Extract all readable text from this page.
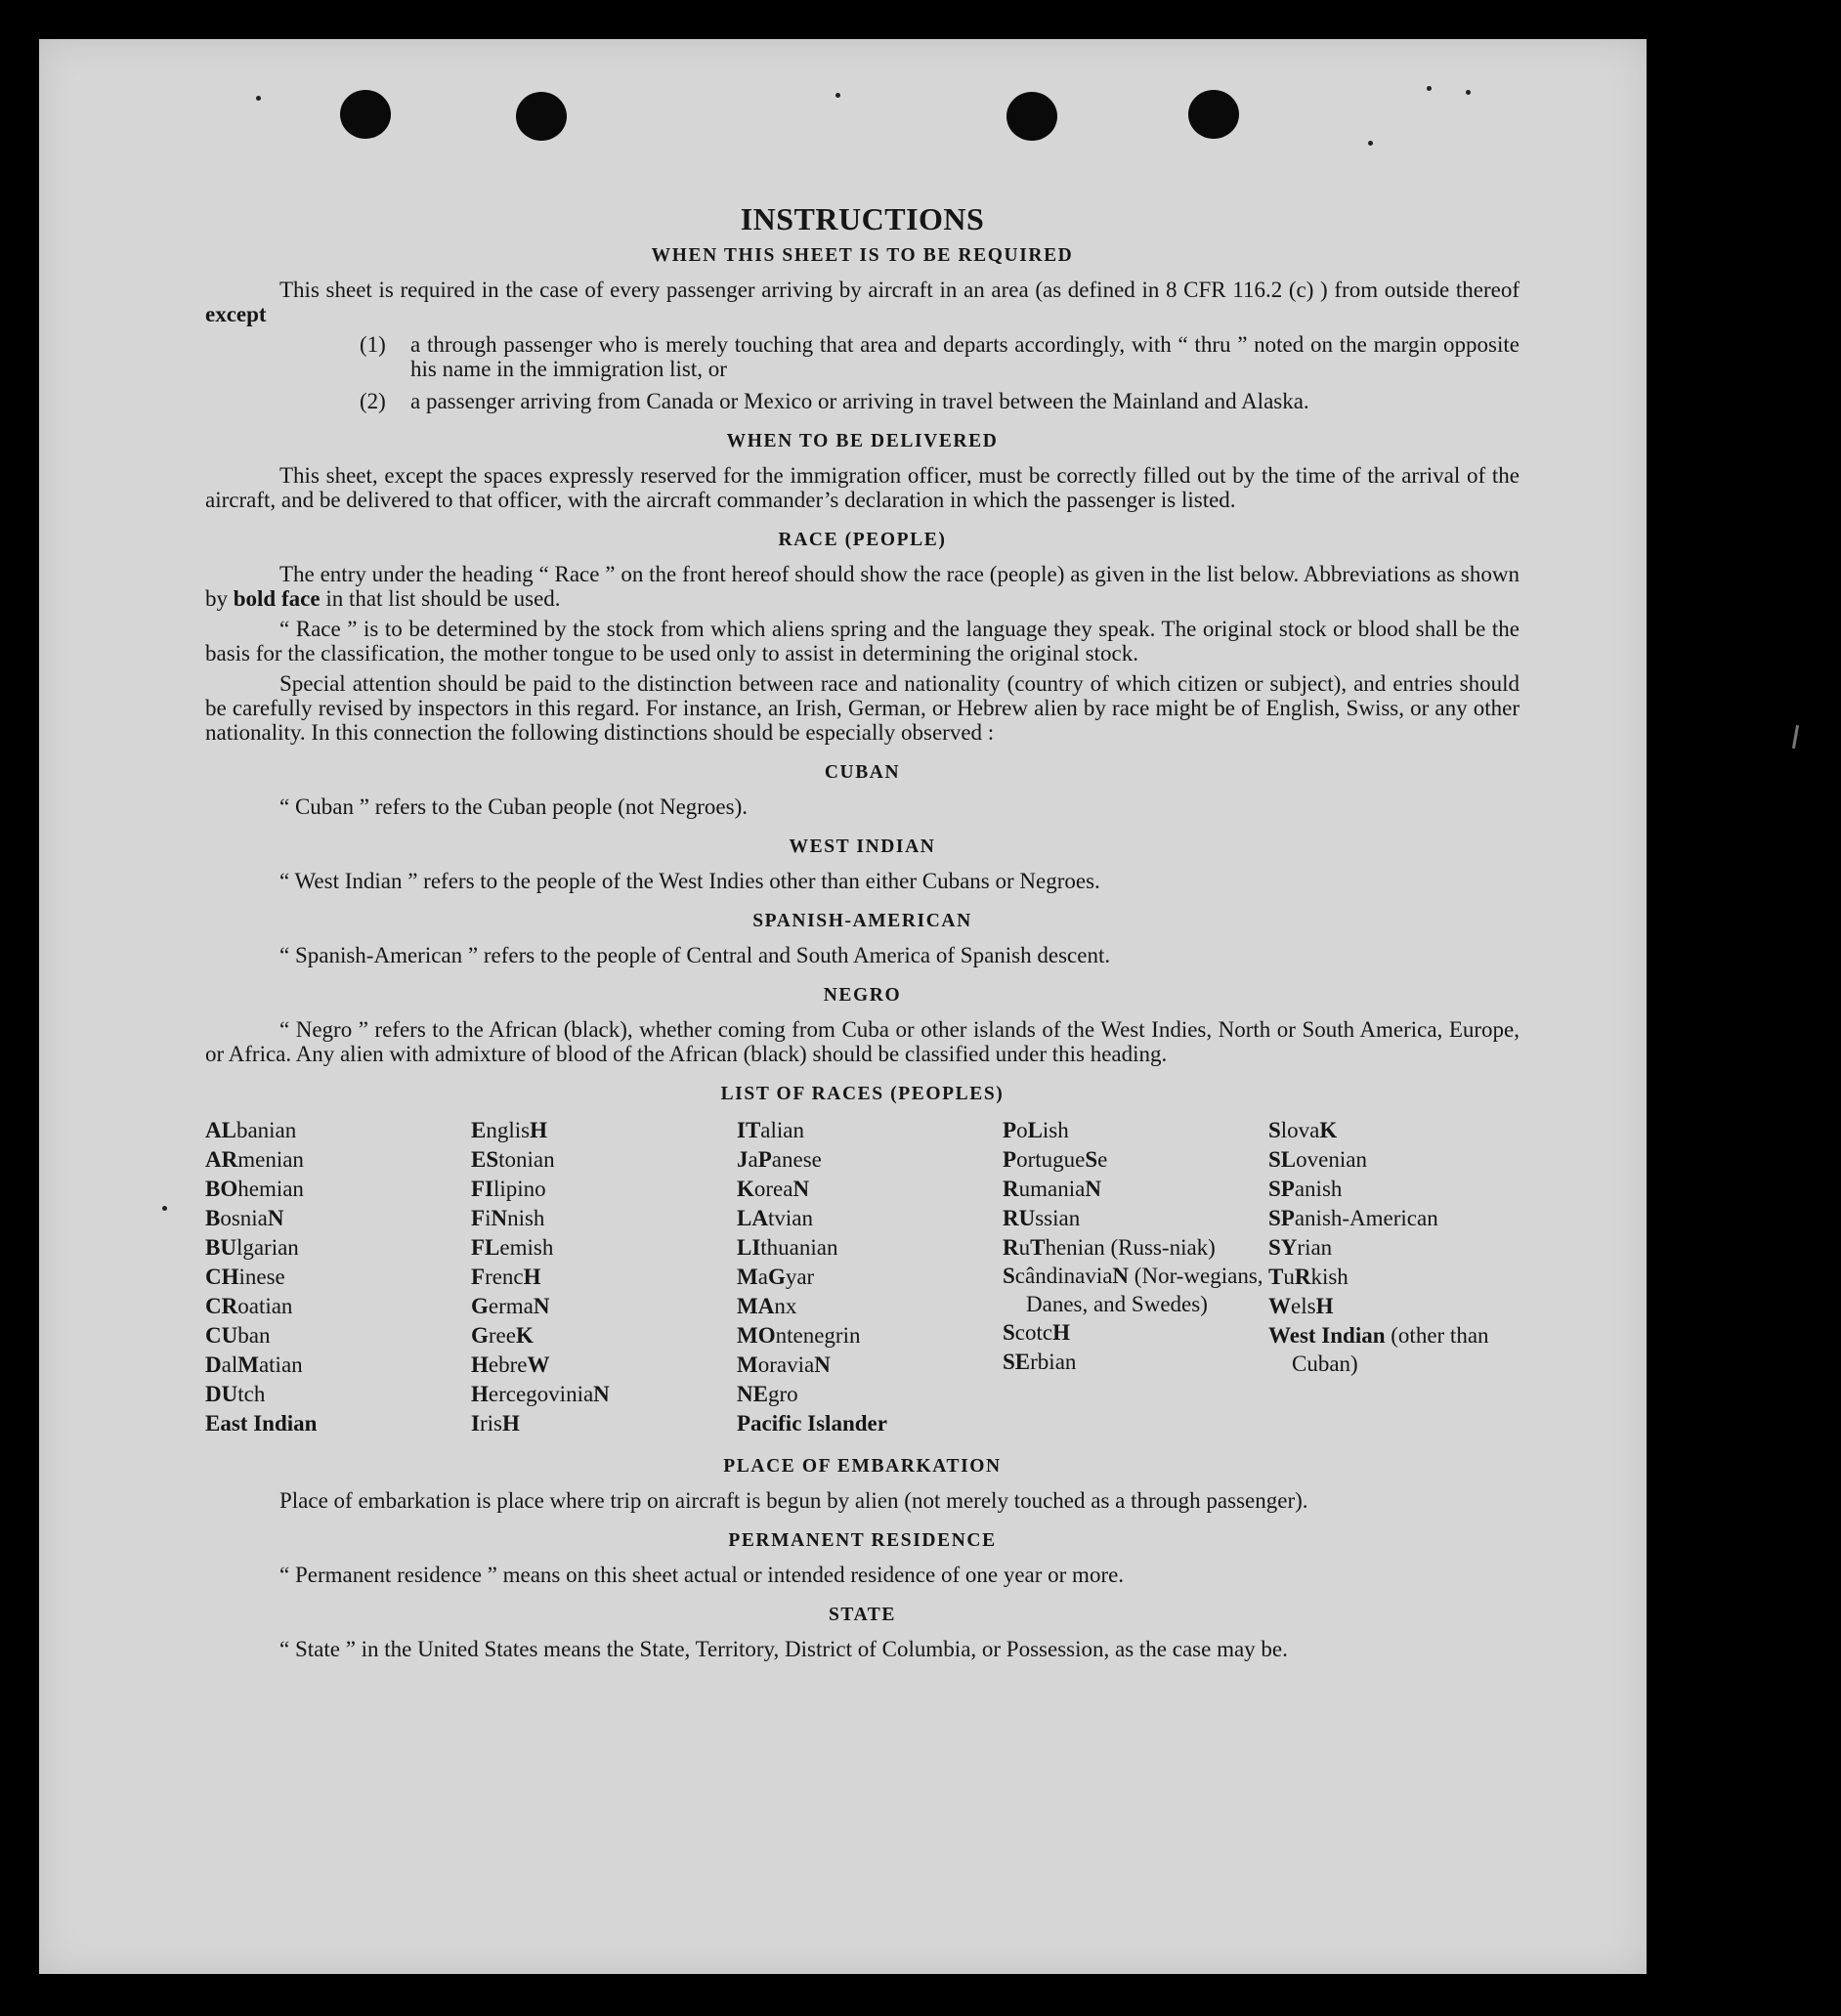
INSTRUCTIONS
WHEN THIS SHEET IS TO BE REQUIRED

This sheet is required in the case of every passenger arriving by aircraft in an area (as defined in 8 CFR 116.2 (c) ) from outside thereof except

(1) a through passenger who is merely touching that area and departs accordingly, with “ thru ” noted on the margin opposite his name in the immigration list, or
(2) a passenger arriving from Canada or Mexico or arriving in travel between the Mainland and Alaska.
WHEN TO BE DELIVERED

This sheet, except the spaces expressly reserved for the immigration officer, must be correctly filled out by the time of the arrival of the aircraft, and be delivered to that officer, with the aircraft commander’s declaration in which the passenger is listed.

RACE (PEOPLE)

The entry under the heading “ Race ” on the front hereof should show the race (people) as given in the list below. Abbreviations as shown by bold face in that list should be used.

“ Race ” is to be determined by the stock from which aliens spring and the language they speak. The original stock or blood shall be the basis for the classification, the mother tongue to be used only to assist in determining the original stock.

Special attention should be paid to the distinction between race and nationality (country of which citizen or subject), and entries should be carefully revised by inspectors in this regard. For instance, an Irish, German, or Hebrew alien by race might be of English, Swiss, or any other nationality. In this connection the following distinctions should be especially observed :

CUBAN

“ Cuban ” refers to the Cuban people (not Negroes).

WEST INDIAN

“ West Indian ” refers to the people of the West Indies other than either Cubans or Negroes.

SPANISH-AMERICAN

“ Spanish-American ” refers to the people of Central and South America of Spanish descent.

NEGRO

“ Negro ” refers to the African (black), whether coming from Cuba or other islands of the West Indies, North or South America, Europe, or Africa. Any alien with admixture of blood of the African (black) should be classified under this heading.

LIST OF RACES (PEOPLES)
ALbanian
ARmenian
BOhemian
BosniaN
BUlgarian
CHinese
CRoatian
CUban
DalMatian
DUtch
East Indian
EnglisH
EStonian
FIlipino
FiNnish
FLemish
FrencH
GermaN
GreeK
HebreW
HercegoviniaN
IrisH
ITalian
JaPanese
KoreaN
LAtvian
LIthuanian
MaGyar
MAnx
MOntenegrin
MoraviaN
NEgro
Pacific Islander
PoLish
PortugueSe
RumaniaN
RUssian
RuThenian (Russ-niak)
ScândinaviaN (Nor-wegians, Danes, and Swedes)
ScotcH
SErbian
SlovaK
SLovenian
SPanish
SPanish-American
SYrian
TuRkish
WelsH
West Indian (other than Cuban)
PLACE OF EMBARKATION

Place of embarkation is place where trip on aircraft is begun by alien (not merely touched as a through passenger).

PERMANENT RESIDENCE

“ Permanent residence ” means on this sheet actual or intended residence of one year or more.

STATE

“ State ” in the United States means the State, Territory, District of Columbia, or Possession, as the case may be.
